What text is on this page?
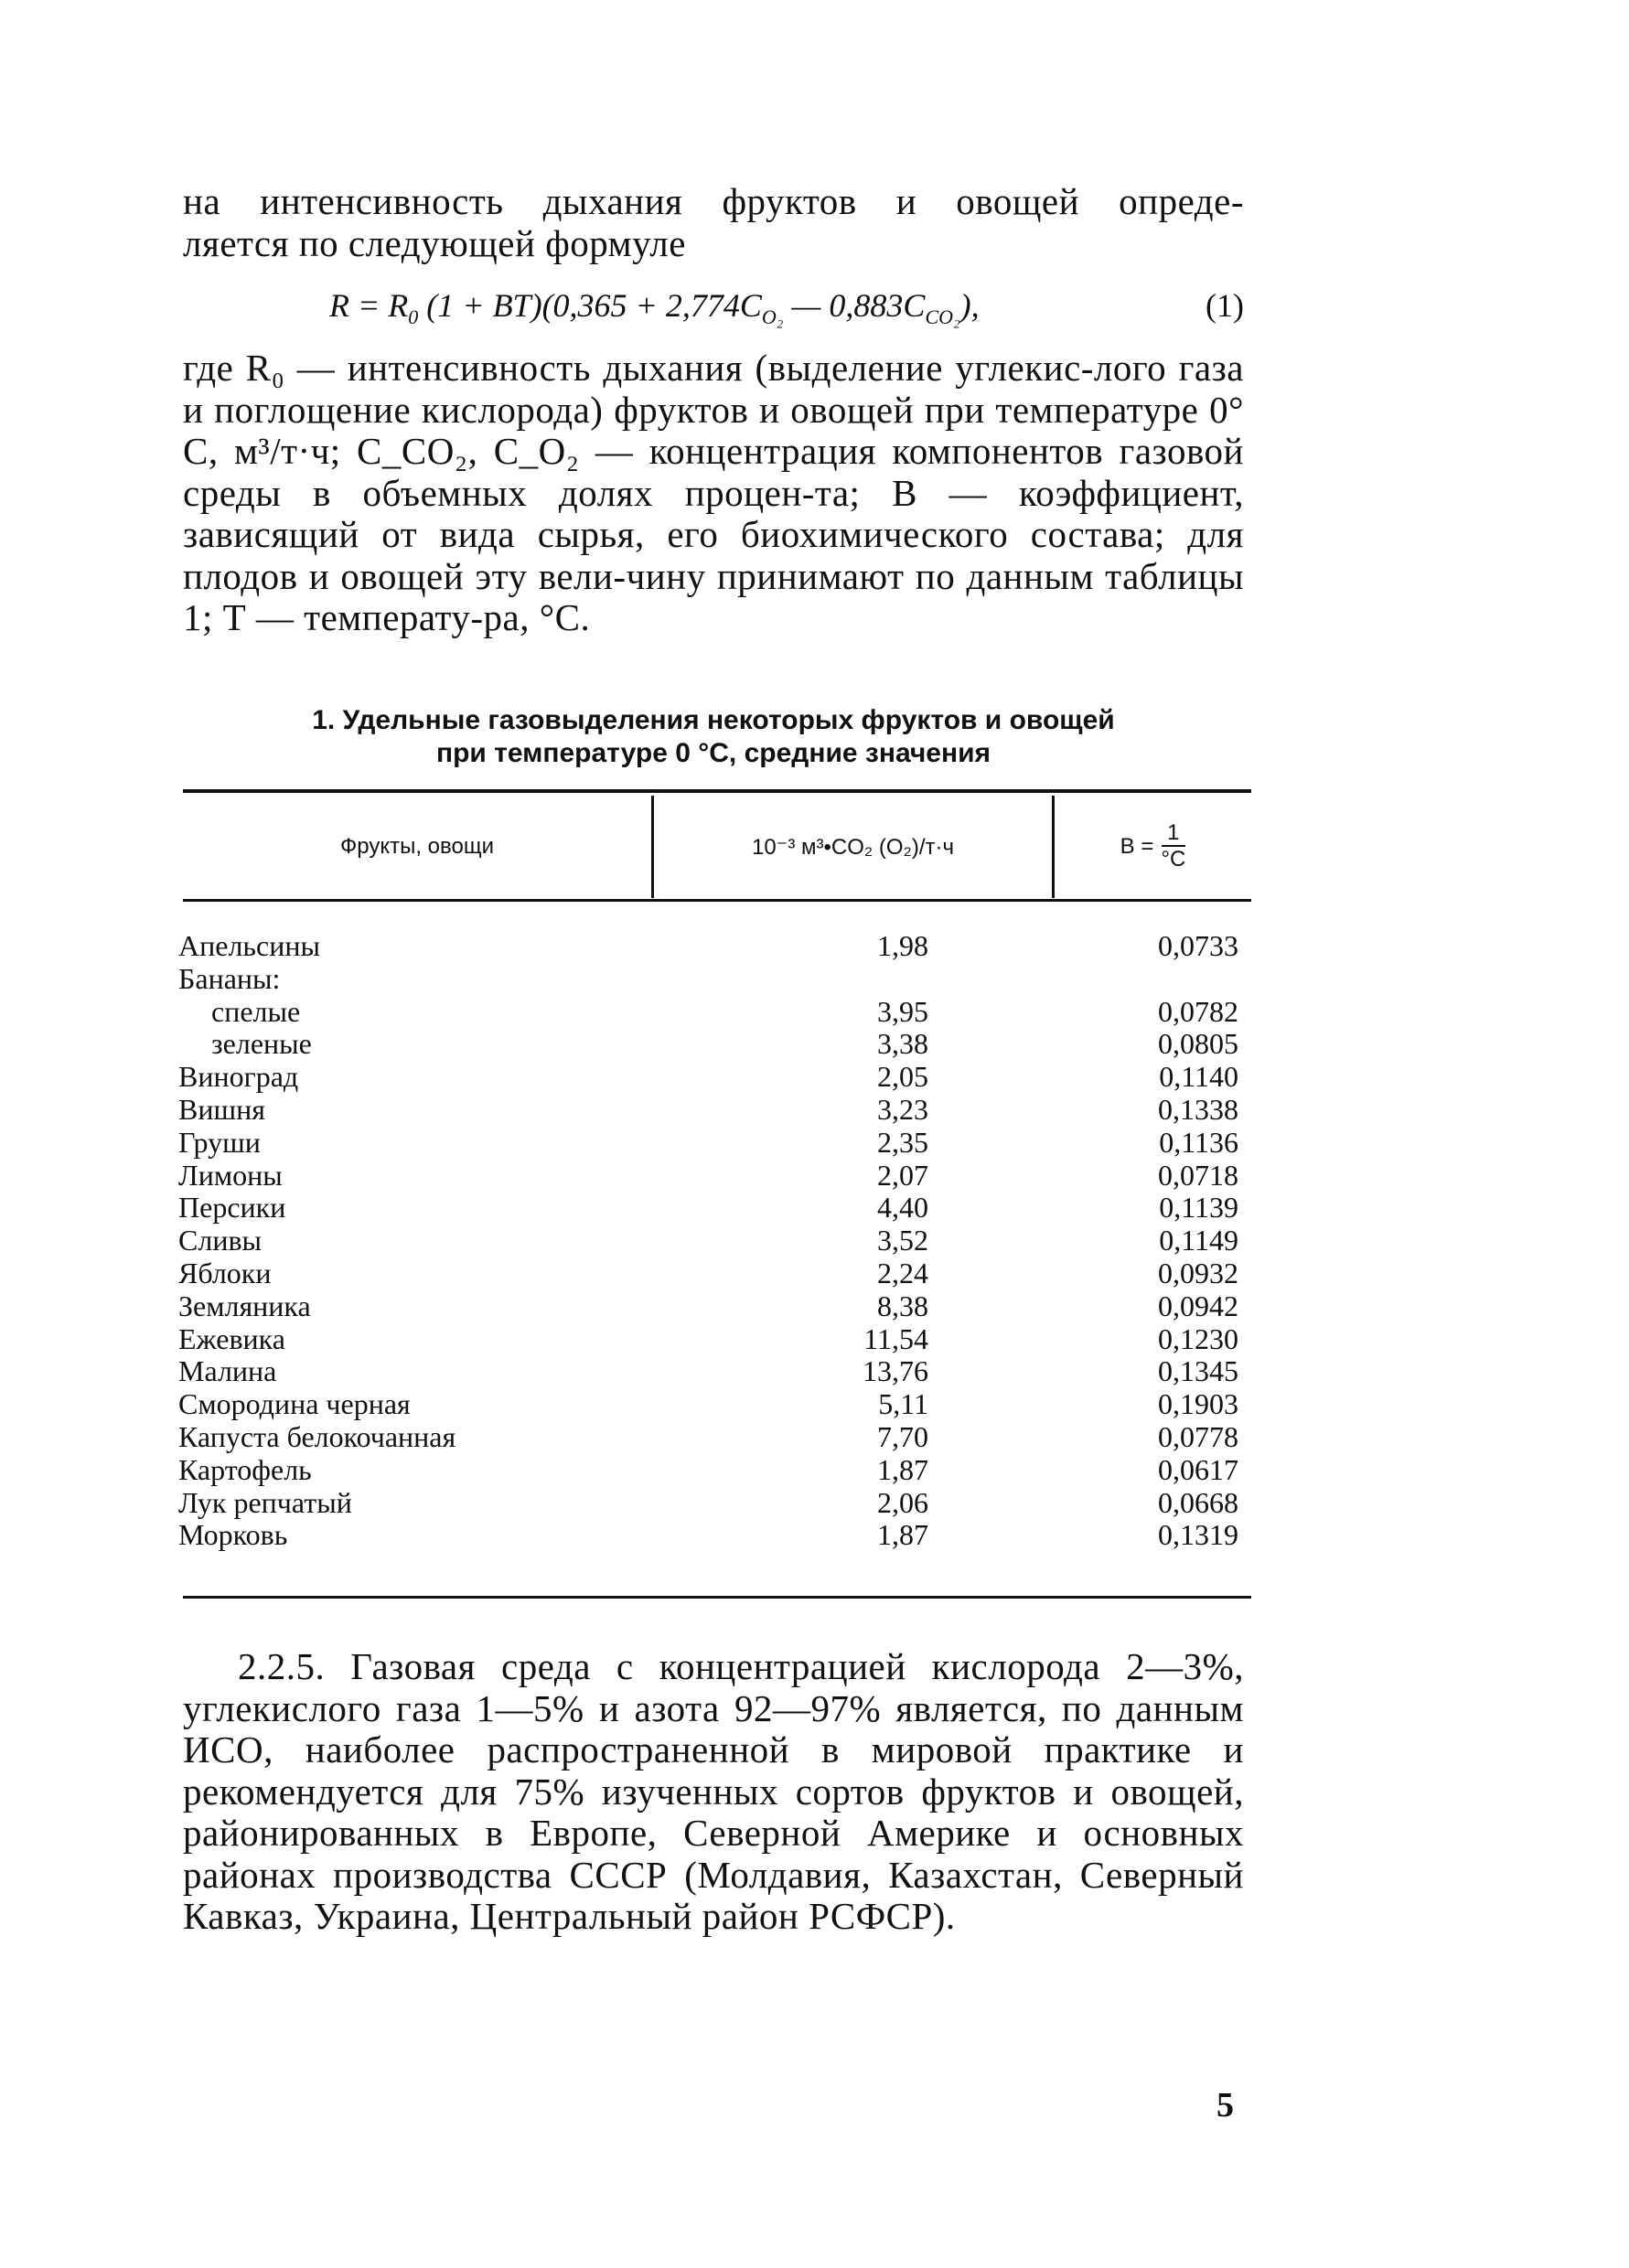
на интенсивность дыхания фруктов и овощей опреде-
ляется по следующей формуле
$R = R_0$ $(1 + BT)(0,365 + 2,774C_{O_2}$ — $0,883C_{CO_2}$),	(1)
где R₀ — интенсивность дыхания (выделение углекис-лого газа и поглощение кислорода) фруктов и овощей при температуре 0° С, м³/т·ч; C_CO₂, C_O₂ — концентрация компонентов газовой среды в объемных долях процен-та; В — коэффициент, зависящий от вида сырья, его биохимического состава; для плодов и овощей эту вели-чину принимают по данным таблицы 1; Т — температу-ра, °С.
1. Удельные газовыделения некоторых фруктов и овощей
при температуре 0 °С, средние значения
Фрукты, овощи	10⁻³ м³•CO₂ (O₂)/т·ч	$B = \frac{1}{^\circ C}$
Апельсины	1,98	0,0733
Бананы:
спелые	3,95	0,0782
зеленые	3,38	0,0805
Виноград	2,05	0,1140
Вишня	3,23	0,1338
Груши	2,35	0,1136
Лимоны	2,07	0,0718
Персики	4,40	0,1139
Сливы	3,52	0,1149
Яблоки	2,24	0,0932
Земляника	8,38	0,0942
Ежевика	11,54	0,1230
Малина	13,76	0,1345
Смородина черная	5,11	0,1903
Капуста белокочанная	7,70	0,0778
Картофель	1,87	0,0617
Лук репчатый	2,06	0,0668
Морковь	1,87	0,1319
2.2.5. Газовая среда с концентрацией кислорода 2—3%, углекислого газа 1—5% и азота 92—97% является, по данным ИСО, наиболее распространенной в мировой практике и рекомендуется для 75% изученных сортов фруктов и овощей, районированных в Европе, Северной Америке и основных районах производства СССР (Молдавия, Казахстан, Северный Кавказ, Украина, Центральный район РСФСР).
5
